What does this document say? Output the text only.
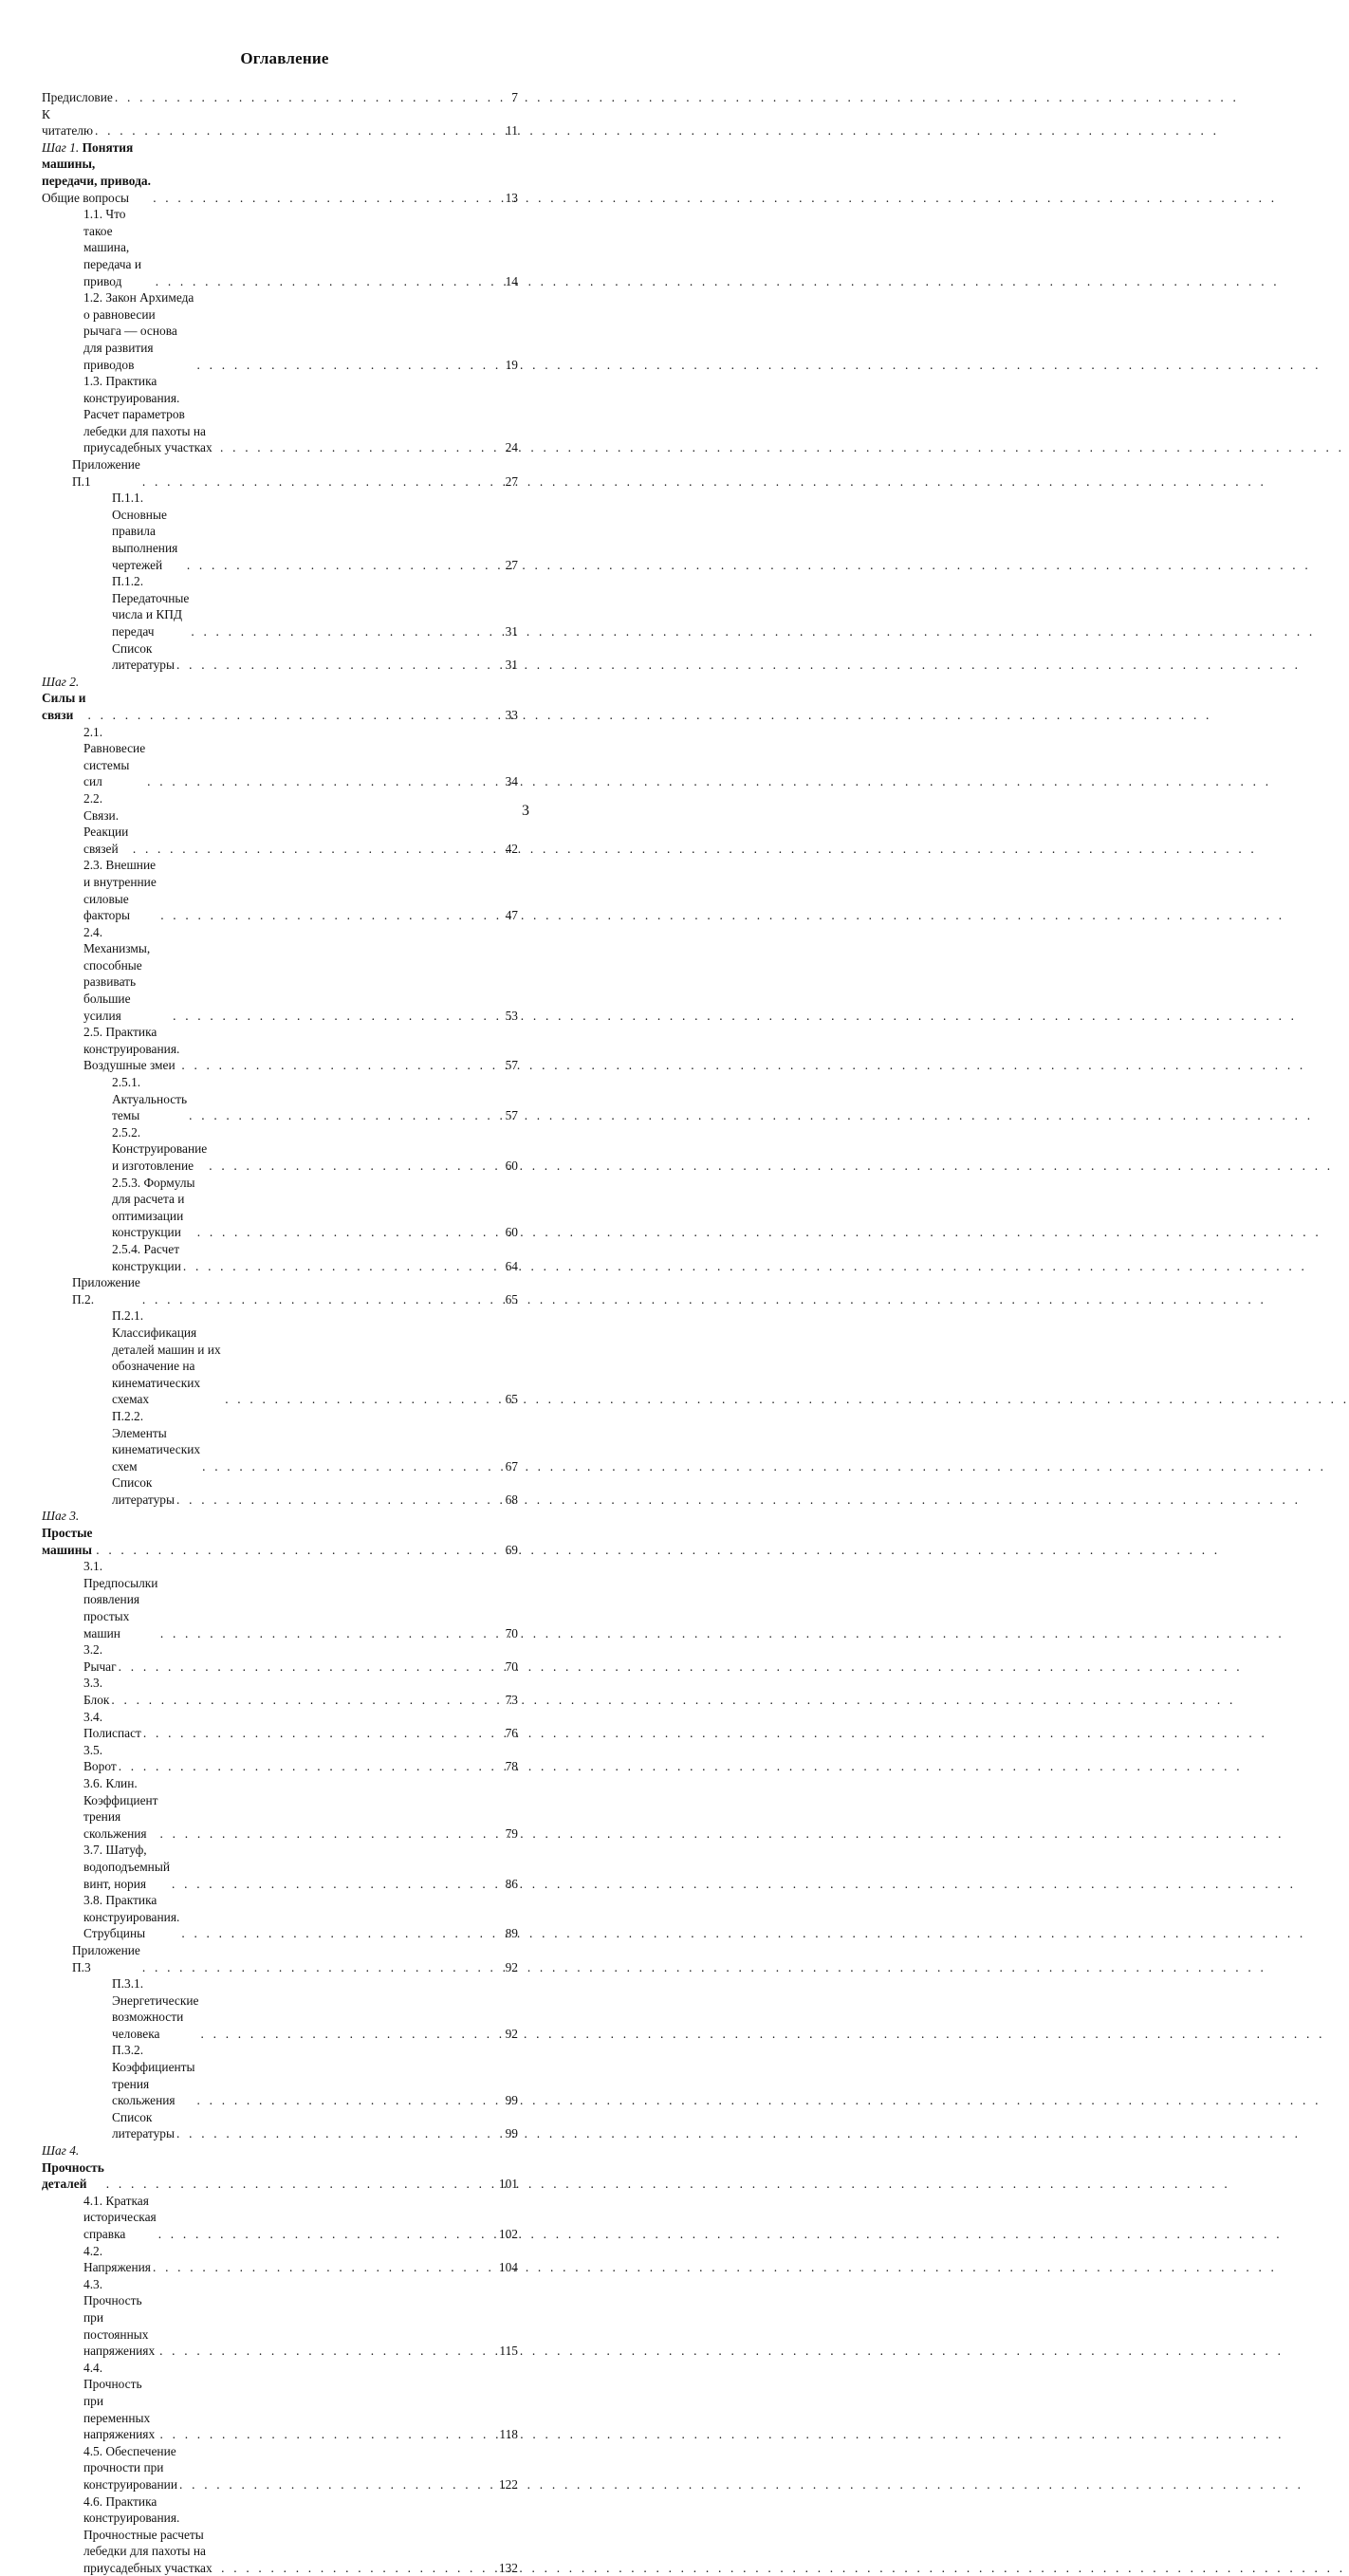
Оглавление
Предисловие . . .	7
К читателю . . .	11
Шаг 1. Понятия машины, передачи, привода. Общие вопросы . . .	13
1.1. Что такое машина, передача и привод . . .	14
1.2. Закон Архимеда о равновесии рычага — основа для развития приводов . . .	19
1.3. Практика конструирования. Расчет параметров лебедки для пахоты на приусадебных участках . . .	24
Приложение П.1 . . .	27
П.1.1. Основные правила выполнения чертежей . . .	27
П.1.2. Передаточные числа и КПД передач . . .	31
Список литературы . . .	31
Шаг 2. Силы и связи . . .	33
2.1. Равновесие системы сил . . .	34
2.2. Связи. Реакции связей . . .	42
2.3. Внешние и внутренние силовые факторы . . .	47
2.4. Механизмы, способные развивать большие усилия . . .	53
2.5. Практика конструирования. Воздушные змеи . . .	57
2.5.1. Актуальность темы . . .	57
2.5.2. Конструирование и изготовление . . .	60
2.5.3. Формулы для расчета и оптимизации конструкции . . .	60
2.5.4. Расчет конструкции . . .	64
Приложение П.2. . . .	65
П.2.1. Классификация деталей машин и их обозначение на кинематических схемах . . .	65
П.2.2. Элементы кинематических схем . . .	67
Список литературы . . .	68
Шаг 3. Простые машины . . .	69
3.1. Предпосылки появления простых машин . . .	70
3.2. Рычаг . . .	70
3.3. Блок . . .	73
3.4. Полиспаст . . .	76
3.5. Ворот . . .	78
3.6. Клин. Коэффициент трения скольжения . . .	79
3.7. Шатуф, водоподъемный винт, нория . . .	86
3.8. Практика конструирования. Струбцины . . .	89
Приложение П.3 . . .	92
П.3.1. Энергетические возможности человека . . .	92
П.3.2. Коэффициенты трения скольжения . . .	99
Список литературы . . .	99
Шаг 4. Прочность деталей . . .	101
4.1. Краткая историческая справка . . .	102
4.2. Напряжения . . .	104
4.3. Прочность при постоянных напряжениях . . .	115
4.4. Прочность при переменных напряжениях . . .	118
4.5. Обеспечение прочности при конструировании . . .	122
4.6. Практика конструирования. Прочностные расчеты лебедки для пахоты на приусадебных участках . . .	132
3
